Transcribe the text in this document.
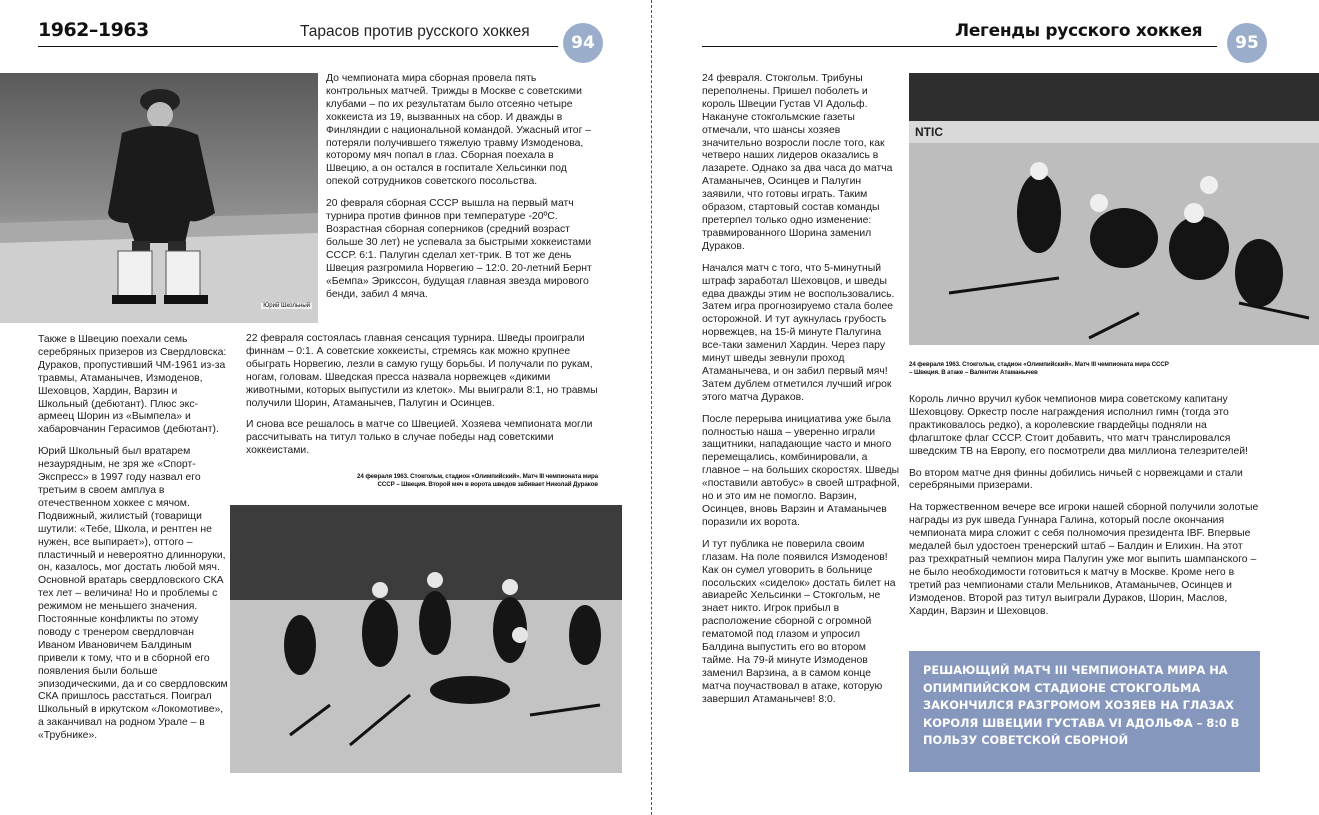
1962–1963	Тарасов против русского хоккея
94
Юрий Школьный

Также в Швецию поехали семь серебряных призеров из Свердловска: Дураков, пропустивший ЧМ-1961 из-за травмы, Атаманычев, Измоденов, Шеховцов, Хардин, Варзин и Школьный (дебютант). Плюс экс-армеец Шорин из «Вымпела» и хабаровчанин Герасимов (дебютант).

Юрий Школьный был вратарем незаурядным, не зря же «Спорт-Экспресс» в 1997 году назвал его третьим в своем амплуа в отечественном хоккее с мячом. Подвижный, жилистый (товарищи шутили: «Тебе, Школа, и рентген не нужен, все выпирает»), оттого – пластичный и невероятно длинноруки, он, казалось, мог достать любой мяч. Основной вратарь свердловского СКА тех лет – величина! Но и проблемы с режимом не меньшего значения. Постоянные конфликты по этому поводу с тренером свердловчан Иваном Ивановичем Балдиным привели к тому, что и в сборной его появления были больше эпизодическими, да и со свердловским СКА пришлось расстаться. Поиграл Школьный в иркутском «Локомотиве», а заканчивал на родном Урале – в «Трубнике».

До чемпионата мира сборная провела пять контрольных матчей. Трижды в Москве с советскими клубами – по их результатам было отсеяно четыре хоккеиста из 19, вызванных на сбор. И дважды в Финляндии с национальной командой. Ужасный итог – потеряли получившего тяжелую травму Измоденова, которому мяч попал в глаз. Сборная поехала в Швецию, а он остался в госпитале Хельсинки под опекой сотрудников советского посольства.

20 февраля сборная СССР вышла на первый матч турнира против финнов при температуре -20ºС. Возрастная сборная соперников (средний возраст больше 30 лет) не успевала за быстрыми хоккеистами СССР. 6:1. Палугин сделал хет-трик. В тот же день Швеция разгромила Норвегию – 12:0. 20-летний Бернт «Бемпа» Эрикссон, будущая главная звезда мирового бенди, забил 4 мяча.

22 февраля состоялась главная сенсация турнира. Шведы проиграли финнам – 0:1. А советские хоккеисты, стремясь как можно крупнее обыграть Норвегию, лезли в самую гущу борьбы. И получали по рукам, ногам, головам. Шведская пресса назвала норвежцев «дикими животными, которых выпустили из клеток». Мы выиграли 8:1, но травмы получили Шорин, Атаманычев, Палугин и Осинцев.

И снова все решалось в матче со Швецией. Хозяева чемпионата могли рассчитывать на титул только в случае победы над советскими хоккеистами.

24 февраля 1963. Стокгольм, стадион «Олимпийский». Матч III чемпионата мира СССР – Швеция. Второй мяч в ворота шведов забивает Николай Дураков
Легенды русского хоккея
95

24 февраля. Стокгольм. Трибуны переполнены. Пришел поболеть и король Швеции Густав VI Адольф. Накануне стокгольмские газеты отмечали, что шансы хозяев значительно возросли после того, как четверо наших лидеров оказались в лазарете. Однако за два часа до матча Атаманычев, Осинцев и Палугин заявили, что готовы играть. Таким образом, стартовый состав команды претерпел только одно изменение: травмированного Шорина заменил Дураков.

Начался матч с того, что 5-минутный штраф заработал Шеховцов, и шведы едва дважды этим не воспользовались. Затем игра прогнозируемо стала более осторожной. И тут аукнулась грубость норвежцев, на 15-й минуте Палугина все-таки заменил Хардин. Через пару минут шведы зевнули проход Атаманычева, и он забил первый мяч! Затем дублем отметился лучший игрок этого матча Дураков.

После перерыва инициатива уже была полностью наша – уверенно играли защитники, нападающие часто и много перемещались, комбинировали, а главное – на больших скоростях. Шведы «поставили автобус» в своей штрафной, но и это им не помогло. Варзин, Осинцев, вновь Варзин и Атаманычев поразили их ворота.

И тут публика не поверила своим глазам. На поле появился Измоденов! Как он сумел уговорить в больнице посольских «сиделок» достать билет на авиарейс Хельсинки – Стокгольм, не знает никто. Игрок прибыл в расположение сборной с огромной гематомой под глазом и упросил Балдина выпустить его во втором тайме. На 79-й минуте Измоденов заменил Варзина, а в самом конце матча поучаствовал в атаке, которую завершил Атаманычев! 8:0.

NTIC
24 февраля 1963. Стокгольм, стадион «Олимпийский». Матч III чемпионата мира СССР – Швеция. В атаке – Валентин Атаманычев

Король лично вручил кубок чемпионов мира советскому капитану Шеховцову. Оркестр после награждения исполнил гимн (тогда это практиковалось редко), а королевские гвардейцы подняли на флагштоке флаг СССР. Стоит добавить, что матч транслировался шведским ТВ на Европу, его посмотрели два миллиона телезрителей!

Во втором матче дня финны добились ничьей с норвежцами и стали серебряными призерами.

На торжественном вечере все игроки нашей сборной получили золотые награды из рук шведа Гуннара Галина, который после окончания чемпионата мира сложит с себя полномочия президента IBF. Впервые медалей был удостоен тренерский штаб – Балдин и Елихин. На этот раз трехкратный чемпион мира Палугин уже мог выпить шампанского – не было необходимости готовиться к матчу в Москве. Кроме него в третий раз чемпионами стали Мельников, Атаманычев, Осинцев и Измоденов. Второй раз титул выиграли Дураков, Шорин, Маслов, Хардин, Варзин и Шеховцов.

РЕШАЮЩИЙ МАТЧ III ЧЕМПИОНАТА МИРА НА ОПИМПИЙСКОМ СТАДИОНЕ СТОКГОЛЬМА ЗАКОНЧИЛСЯ РАЗГРОМОМ ХОЗЯЕВ НА ГЛАЗАХ КОРОЛЯ ШВЕЦИИ ГУСТАВА VI АДОЛЬФА – 8:0 В ПОЛЬЗУ СОВЕТСКОЙ СБОРНОЙ
